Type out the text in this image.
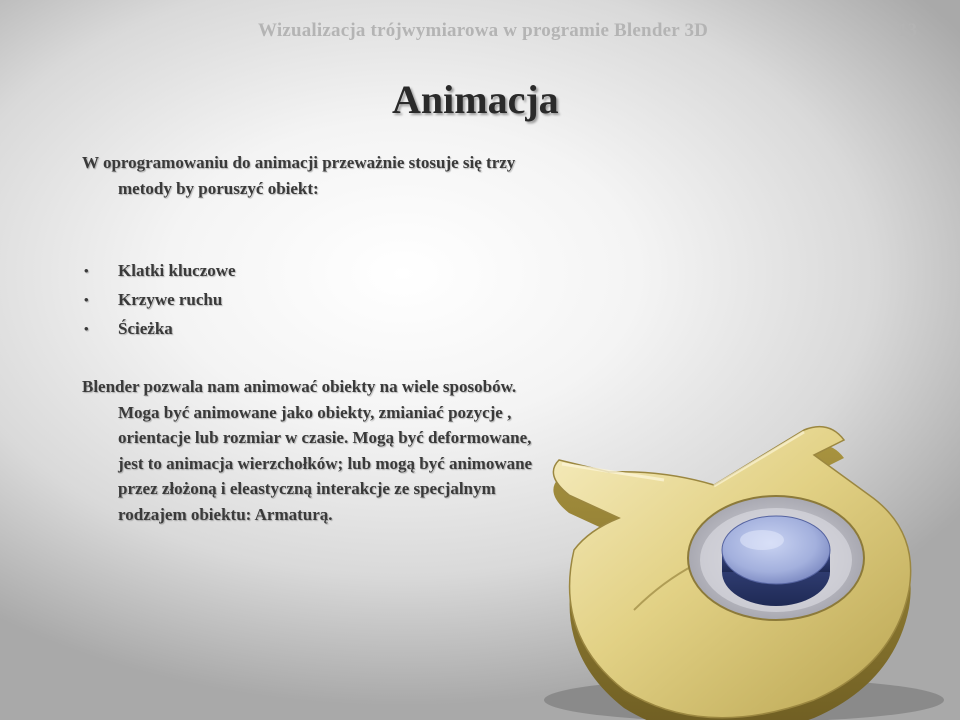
Wizualizacja trójwymiarowa w programie Blender 3D	13
Animacja
W oprogramowaniu do animacji przeważnie stosuje się trzy metody by poruszyć obiekt:
• Klatki kluczowe
• Krzywe ruchu
• Ścieżka
Blender pozwala nam animować obiekty na wiele sposobów. Moga być animowane jako obiekty, zmianiać pozycje , orientacje lub rozmiar w czasie. Mogą być deformowane, jest to animacja wierzchołków; lub mogą być animowane przez złożoną i eleastyczną interakcje ze specjalnym rodzajem obiektu: Armaturą.
